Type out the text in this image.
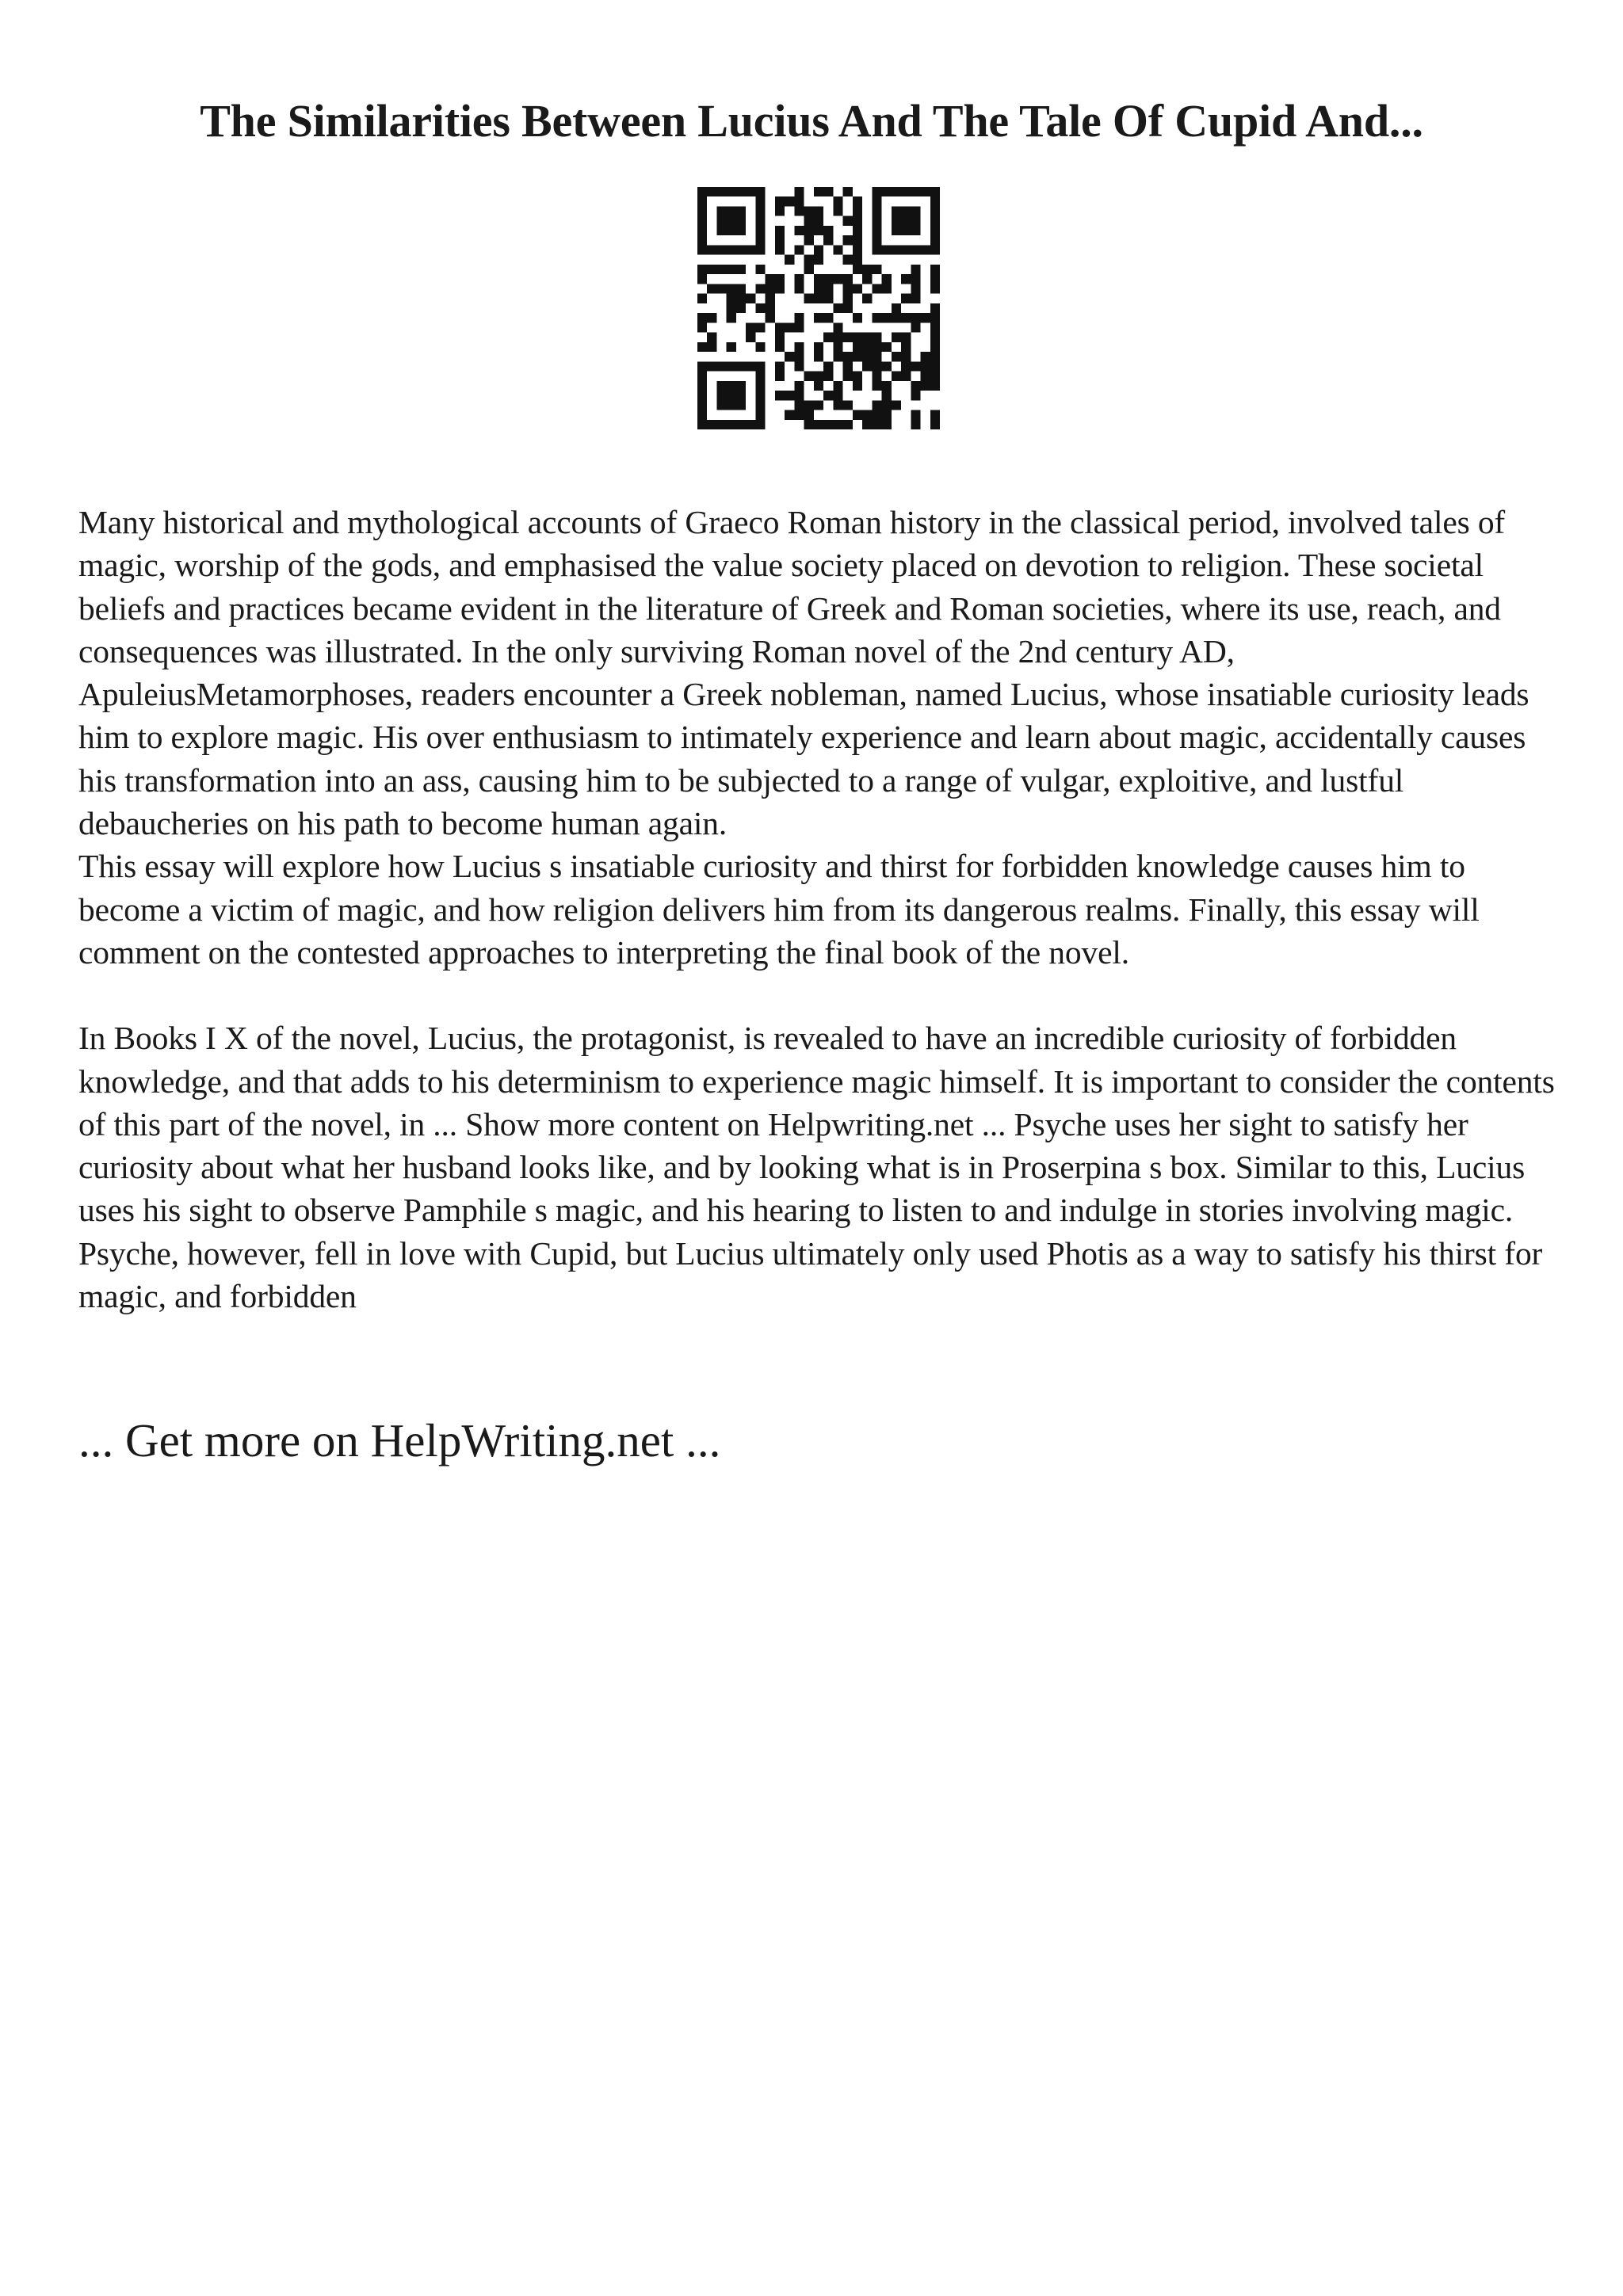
The Similarities Between Lucius And The Tale Of Cupid And...

Many historical and mythological accounts of Graeco Roman history in the classical period, involved tales of magic, worship of the gods, and emphasised the value society placed on devotion to religion. These societal beliefs and practices became evident in the literature of Greek and Roman societies, where its use, reach, and consequences was illustrated. In the only surviving Roman novel of the 2nd century AD, ApuleiusMetamorphoses, readers encounter a Greek nobleman, named Lucius, whose insatiable curiosity leads him to explore magic. His over enthusiasm to intimately experience and learn about magic, accidentally causes his transformation into an ass, causing him to be subjected to a range of vulgar, exploitive, and lustful debaucheries on his path to become human again.

This essay will explore how Lucius s insatiable curiosity and thirst for forbidden knowledge causes him to become a victim of magic, and how religion delivers him from its dangerous realms. Finally, this essay will comment on the contested approaches to interpreting the final book of the novel.

In Books I X of the novel, Lucius, the protagonist, is revealed to have an incredible curiosity of forbidden knowledge, and that adds to his determinism to experience magic himself. It is important to consider the contents of this part of the novel, in ... Show more content on Helpwriting.net ... Psyche uses her sight to satisfy her curiosity about what her husband looks like, and by looking what is in Proserpina s box. Similar to this, Lucius uses his sight to observe Pamphile s magic, and his hearing to listen to and indulge in stories involving magic. Psyche, however, fell in love with Cupid, but Lucius ultimately only used Photis as a way to satisfy his thirst for magic, and forbidden

... Get more on HelpWriting.net ...
